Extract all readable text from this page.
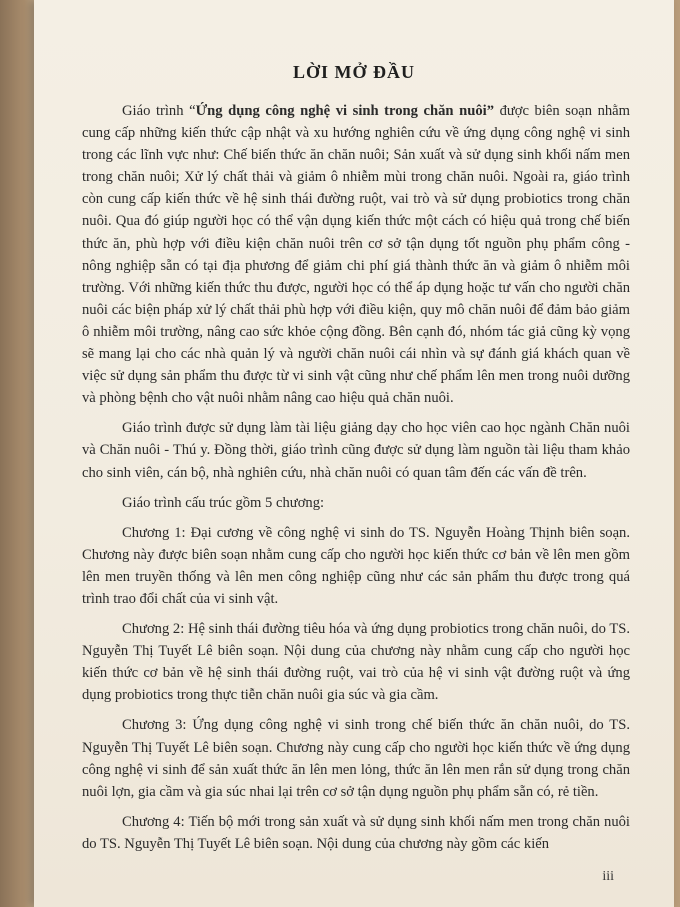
LỜI MỞ ĐẦU

Giáo trình “Ứng dụng công nghệ vi sinh trong chăn nuôi” được biên soạn nhằm cung cấp những kiến thức cập nhật và xu hướng nghiên cứu về ứng dụng công nghệ vi sinh trong các lĩnh vực như: Chế biến thức ăn chăn nuôi; Sản xuất và sử dụng sinh khối nấm men trong chăn nuôi; Xử lý chất thải và giảm ô nhiễm mùi trong chăn nuôi. Ngoài ra, giáo trình còn cung cấp kiến thức về hệ sinh thái đường ruột, vai trò và sử dụng probiotics trong chăn nuôi. Qua đó giúp người học có thể vận dụng kiến thức một cách có hiệu quả trong chế biến thức ăn, phù hợp với điều kiện chăn nuôi trên cơ sở tận dụng tốt nguồn phụ phẩm công - nông nghiệp sẵn có tại địa phương để giảm chi phí giá thành thức ăn và giảm ô nhiễm môi trường. Với những kiến thức thu được, người học có thể áp dụng hoặc tư vấn cho người chăn nuôi các biện pháp xử lý chất thải phù hợp với điều kiện, quy mô chăn nuôi để đảm bảo giảm ô nhiễm môi trường, nâng cao sức khỏe cộng đồng. Bên cạnh đó, nhóm tác giả cũng kỳ vọng sẽ mang lại cho các nhà quản lý và người chăn nuôi cái nhìn và sự đánh giá khách quan về việc sử dụng sản phẩm thu được từ vi sinh vật cũng như chế phẩm lên men trong nuôi dưỡng và phòng bệnh cho vật nuôi nhằm nâng cao hiệu quả chăn nuôi.

Giáo trình được sử dụng làm tài liệu giảng dạy cho học viên cao học ngành Chăn nuôi và Chăn nuôi - Thú y. Đồng thời, giáo trình cũng được sử dụng làm nguồn tài liệu tham khảo cho sinh viên, cán bộ, nhà nghiên cứu, nhà chăn nuôi có quan tâm đến các vấn đề trên.

Giáo trình cấu trúc gồm 5 chương:

Chương 1: Đại cương về công nghệ vi sinh do TS. Nguyễn Hoàng Thịnh biên soạn. Chương này được biên soạn nhằm cung cấp cho người học kiến thức cơ bản về lên men gồm lên men truyền thống và lên men công nghiệp cũng như các sản phẩm thu được trong quá trình trao đổi chất của vi sinh vật.

Chương 2: Hệ sinh thái đường tiêu hóa và ứng dụng probiotics trong chăn nuôi, do TS. Nguyễn Thị Tuyết Lê biên soạn. Nội dung của chương này nhằm cung cấp cho người học kiến thức cơ bản về hệ sinh thái đường ruột, vai trò của hệ vi sinh vật đường ruột và ứng dụng probiotics trong thực tiễn chăn nuôi gia súc và gia cầm.

Chương 3: Ứng dụng công nghệ vi sinh trong chế biến thức ăn chăn nuôi, do TS. Nguyễn Thị Tuyết Lê biên soạn. Chương này cung cấp cho người học kiến thức về ứng dụng công nghệ vi sinh để sản xuất thức ăn lên men lỏng, thức ăn lên men rắn sử dụng trong chăn nuôi lợn, gia cầm và gia súc nhai lại trên cơ sở tận dụng nguồn phụ phẩm sẵn có, rẻ tiền.

Chương 4: Tiến bộ mới trong sản xuất và sử dụng sinh khối nấm men trong chăn nuôi do TS. Nguyễn Thị Tuyết Lê biên soạn. Nội dung của chương này gồm các kiến

iii
